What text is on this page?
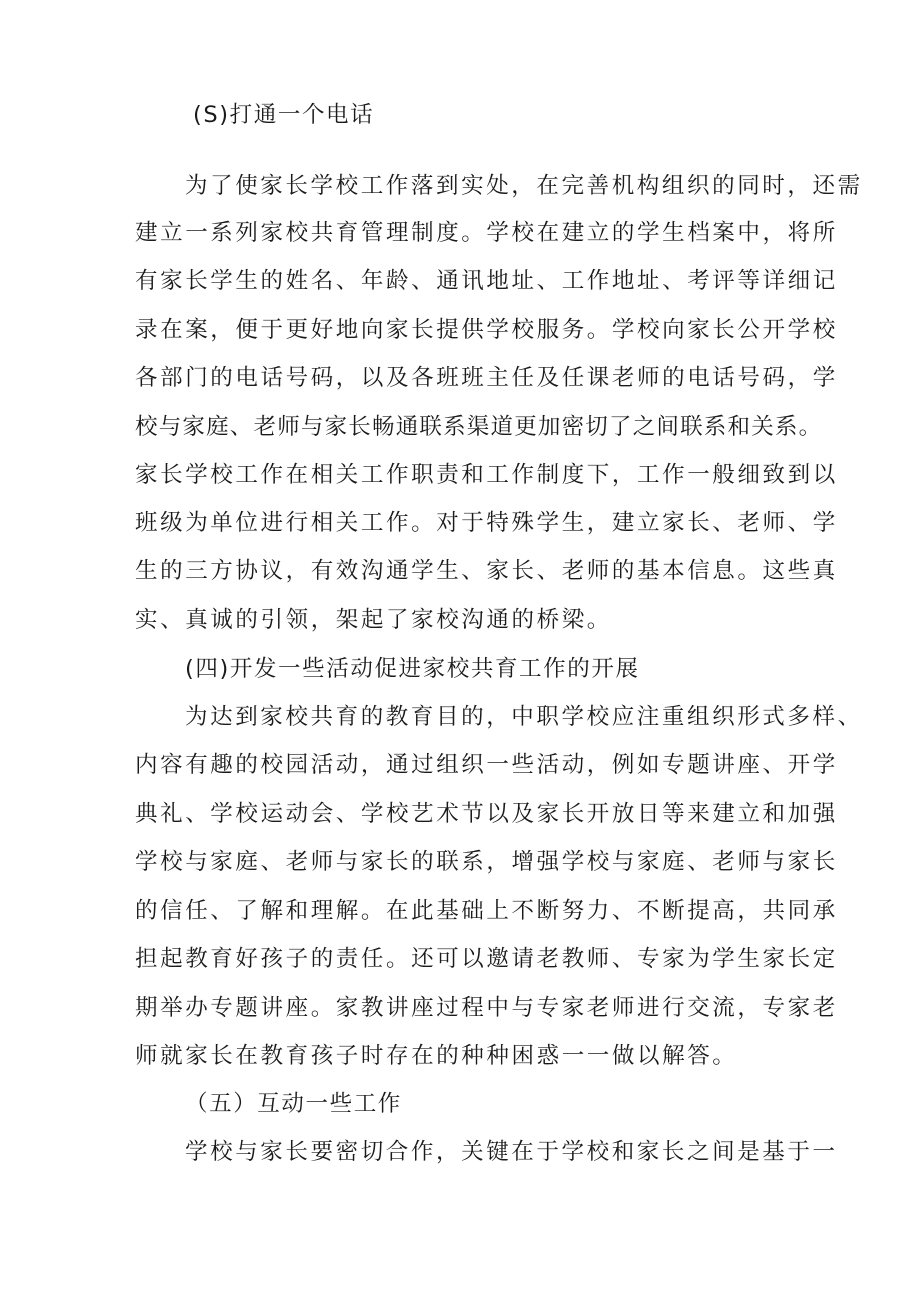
(S)打通一个电话
为了使家长学校工作落到实处，在完善机构组织的同时，还需
建立一系列家校共育管理制度。学校在建立的学生档案中，将所
有家长学生的姓名、年龄、通讯地址、工作地址、考评等详细记
录在案，便于更好地向家长提供学校服务。学校向家长公开学校
各部门的电话号码，以及各班班主任及任课老师的电话号码，学
校与家庭、老师与家长畅通联系渠道更加密切了之间联系和关系。
家长学校工作在相关工作职责和工作制度下，工作一般细致到以
班级为单位进行相关工作。对于特殊学生，建立家长、老师、学
生的三方协议，有效沟通学生、家长、老师的基本信息。这些真
实、真诚的引领，架起了家校沟通的桥梁。
(四)开发一些活动促进家校共育工作的开展
为达到家校共育的教育目的，中职学校应注重组织形式多样、
内容有趣的校园活动，通过组织一些活动，例如专题讲座、开学
典礼、学校运动会、学校艺术节以及家长开放日等来建立和加强
学校与家庭、老师与家长的联系，增强学校与家庭、老师与家长
的信任、了解和理解。在此基础上不断努力、不断提高，共同承
担起教育好孩子的责任。还可以邀请老教师、专家为学生家长定
期举办专题讲座。家教讲座过程中与专家老师进行交流，专家老
师就家长在教育孩子时存在的种种困惑一一做以解答。
（五）互动一些工作
学校与家长要密切合作，关键在于学校和家长之间是基于一
